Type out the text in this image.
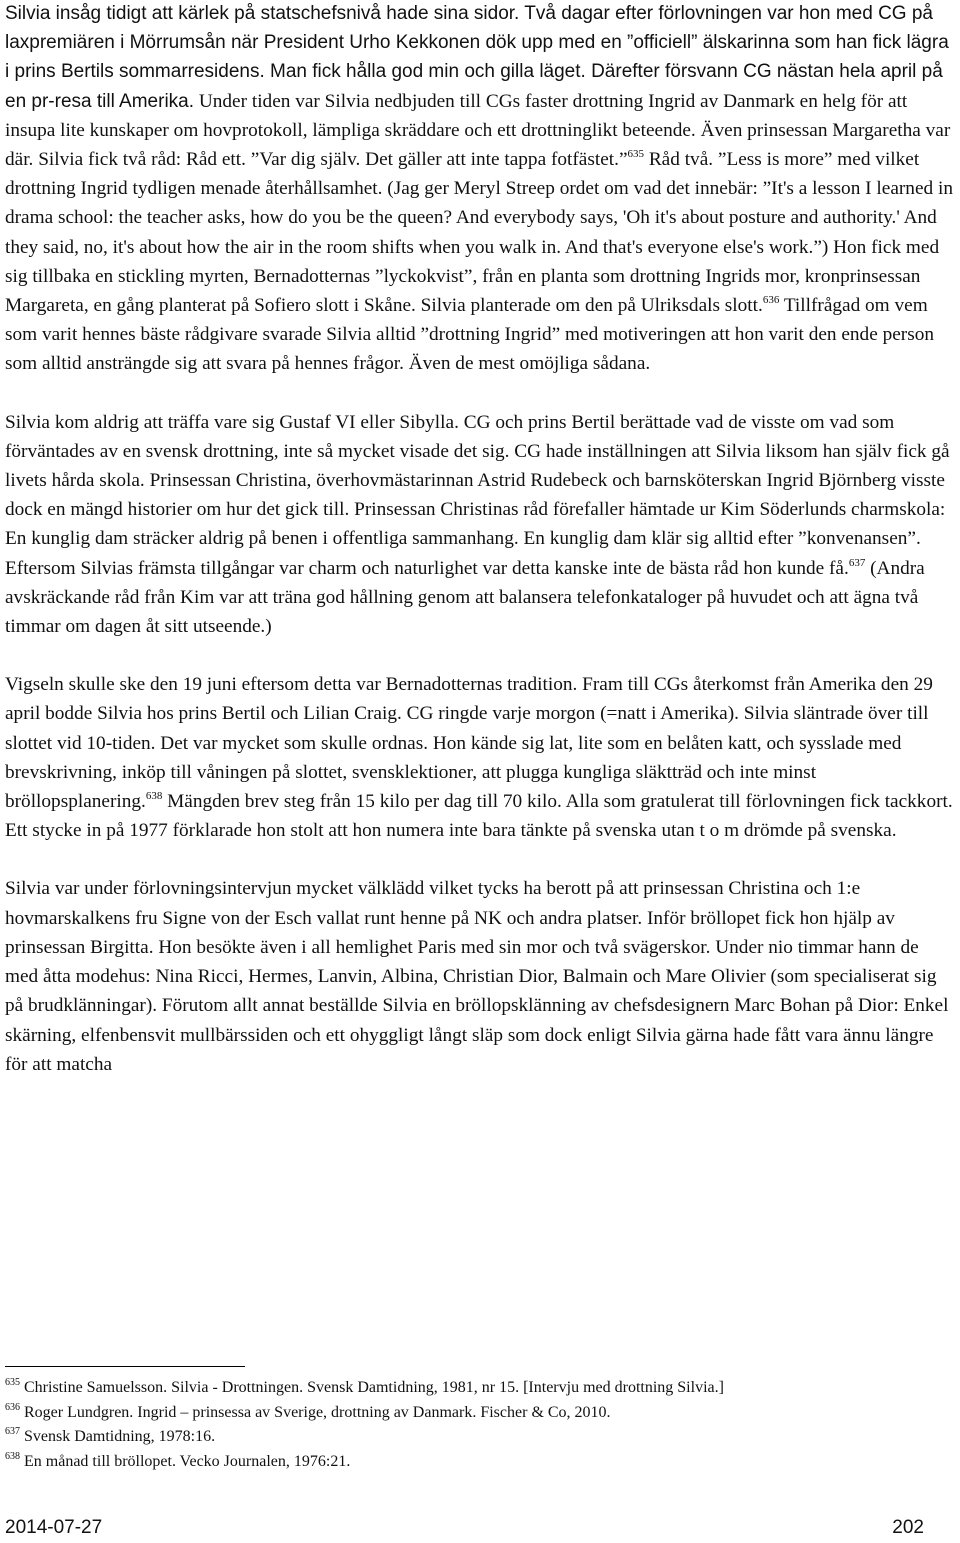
Silvia insåg tidigt att kärlek på statschefsnivå hade sina sidor. Två dagar efter förlovningen var hon med CG på laxpremiären i Mörrumsån när President Urho Kekkonen dök upp med en ”officiell” älskarinna som han fick lägra i prins Bertils sommarresidens. Man fick hålla god min och gilla läget. Därefter försvann CG nästan hela april på en pr-resa till Amerika. Under tiden var Silvia nedbjuden till CGs faster drottning Ingrid av Danmark en helg för att insupa lite kunskaper om hovprotokoll, lämpliga skräddare och ett drottninglikt beteende. Även prinsessan Margaretha var där. Silvia fick två råd: Råd ett. ”Var dig själv. Det gäller att inte tappa fotfästet.”$^{635}$ Råd två. ”Less is more” med vilket drottning Ingrid tydligen menade återhållsamhet. (Jag ger Meryl Streep ordet om vad det innebär: ”It's a lesson I learned in drama school: the teacher asks, how do you be the queen? And everybody says, 'Oh it's about posture and authority.' And they said, no, it's about how the air in the room shifts when you walk in. And that's everyone else's work.”) Hon fick med sig tillbaka en stickling myrten, Bernadotternas ”lyckokvist”, från en planta som drottning Ingrids mor, kronprinsessan Margareta, en gång planterat på Sofiero slott i Skåne. Silvia planterade om den på Ulriksdals slott.$^{636}$ Tillfrågad om vem som varit hennes bäste rådgivare svarade Silvia alltid ”drottning Ingrid” med motiveringen att hon varit den ende person som alltid ansträngde sig att svara på hennes frågor. Även de mest omöjliga sådana.

Silvia kom aldrig att träffa vare sig Gustaf VI eller Sibylla. CG och prins Bertil berättade vad de visste om vad som förväntades av en svensk drottning, inte så mycket visade det sig. CG hade inställningen att Silvia liksom han själv fick gå livets hårda skola. Prinsessan Christina, överhovmästarinnan Astrid Rudebeck och barnsköterskan Ingrid Björnberg visste dock en mängd historier om hur det gick till. Prinsessan Christinas råd förefaller hämtade ur Kim Söderlunds charmskola: En kunglig dam sträcker aldrig på benen i offentliga sammanhang. En kunglig dam klär sig alltid efter ”konvenansen”. Eftersom Silvias främsta tillgångar var charm och naturlighet var detta kanske inte de bästa råd hon kunde få.$^{637}$ (Andra avskräckande råd från Kim var att träna god hållning genom att balansera telefonkataloger på huvudet och att ägna två timmar om dagen åt sitt utseende.)

Vigseln skulle ske den 19 juni eftersom detta var Bernadotternas tradition. Fram till CGs återkomst från Amerika den 29 april bodde Silvia hos prins Bertil och Lilian Craig. CG ringde varje morgon (=natt i Amerika). Silvia släntrade över till slottet vid 10-tiden. Det var mycket som skulle ordnas. Hon kände sig lat, lite som en belåten katt, och sysslade med brevskrivning, inköp till våningen på slottet, svensklektioner, att plugga kungliga släktträd och inte minst bröllopsplanering.$^{638}$ Mängden brev steg från 15 kilo per dag till 70 kilo. Alla som gratulerat till förlovningen fick tackkort. Ett stycke in på 1977 förklarade hon stolt att hon numera inte bara tänkte på svenska utan t o m drömde på svenska.

Silvia var under förlovningsintervjun mycket välklädd vilket tycks ha berott på att prinsessan Christina och 1:e hovmarskalkens fru Signe von der Esch vallat runt henne på NK och andra platser. Inför bröllopet fick hon hjälp av prinsessan Birgitta. Hon besökte även i all hemlighet Paris med sin mor och två svägerskor. Under nio timmar hann de med åtta modehus: Nina Ricci, Hermes, Lanvin, Albina, Christian Dior, Balmain och Mare Olivier (som specialiserat sig på brudklänningar). Förutom allt annat beställde Silvia en bröllopsklänning av chefsdesignern Marc Bohan på Dior: Enkel skärning, elfenbensvit mullbärssiden och ett ohyggligt långt släp som dock enligt Silvia gärna hade fått vara ännu längre för att matcha

$^{635}$ Christine Samuelsson. Silvia - Drottningen. Svensk Damtidning, 1981, nr 15. [Intervju med drottning Silvia.]
$^{636}$ Roger Lundgren. Ingrid – prinsessa av Sverige, drottning av Danmark. Fischer & Co, 2010.
$^{637}$ Svensk Damtidning, 1978:16.
$^{638}$ En månad till bröllopet. Vecko Journalen, 1976:21.
2014-07-27	202
